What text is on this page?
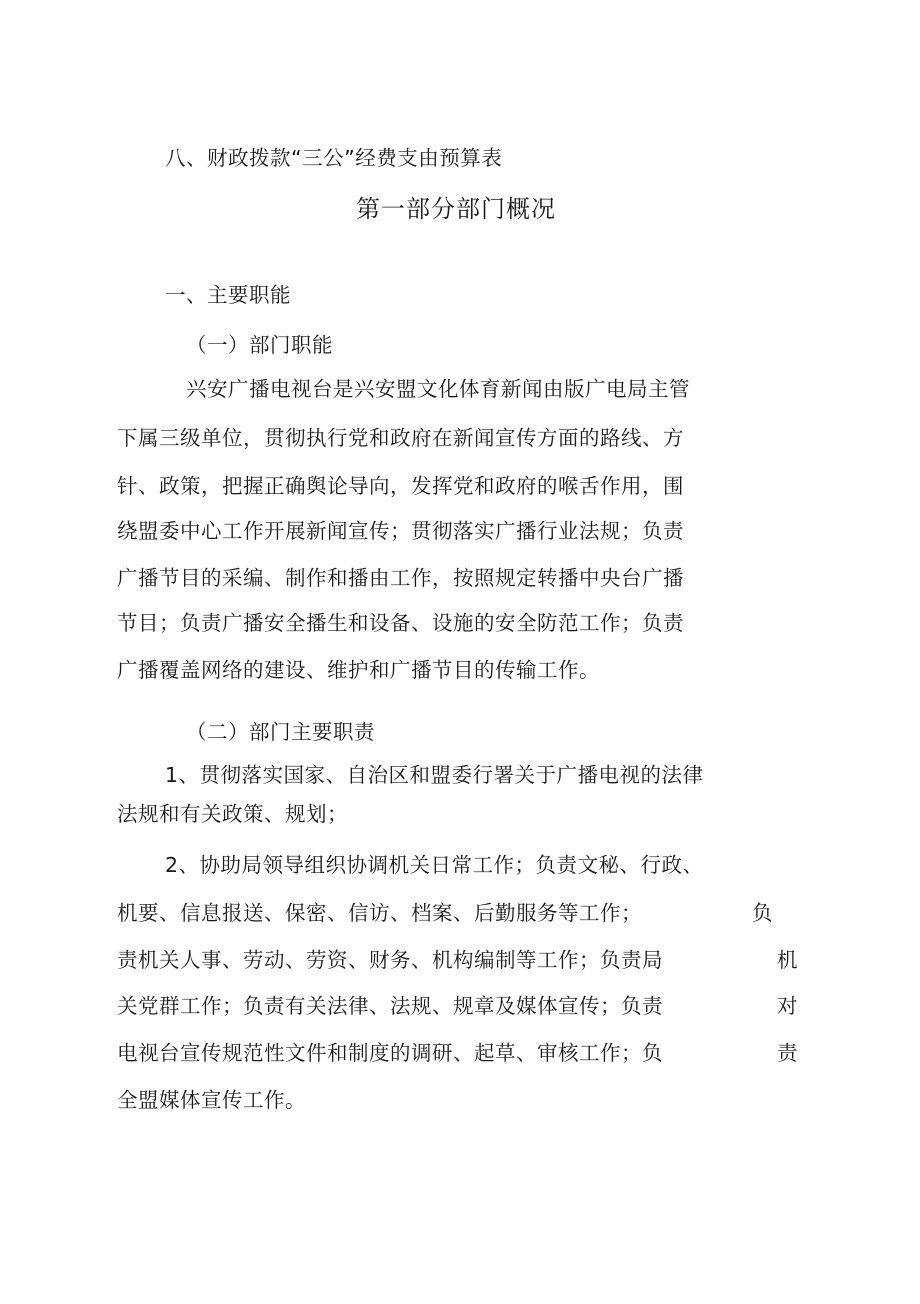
八、财政拨款“三公”经费支由预算表
第一部分部门概况
一、主要职能
（一）部门职能
兴安广播电视台是兴安盟文化体育新闻由版广电局主管
下属三级单位，贯彻执行党和政府在新闻宣传方面的路线、方
针、政策，把握正确舆论导向，发挥党和政府的喉舌作用，围
绕盟委中心工作开展新闻宣传；贯彻落实广播行业法规；负责
广播节目的采编、制作和播由工作，按照规定转播中央台广播
节目；负责广播安全播生和设备、设施的安全防范工作；负责
广播覆盖网络的建设、维护和广播节目的传输工作。
（二）部门主要职责
1、贯彻落实国家、自治区和盟委行署关于广播电视的法律
法规和有关政策、规划；
2、协助局领导组织协调机关日常工作；负责文秘、行政、
机要、信息报送、保密、信访、档案、后勤服务等工作；	负
责机关人事、劳动、劳资、财务、机构编制等工作；负责局	机
关党群工作；负责有关法律、法规、规章及媒体宣传；负责	对
电视台宣传规范性文件和制度的调研、起草、审核工作；负	责
全盟媒体宣传工作。
